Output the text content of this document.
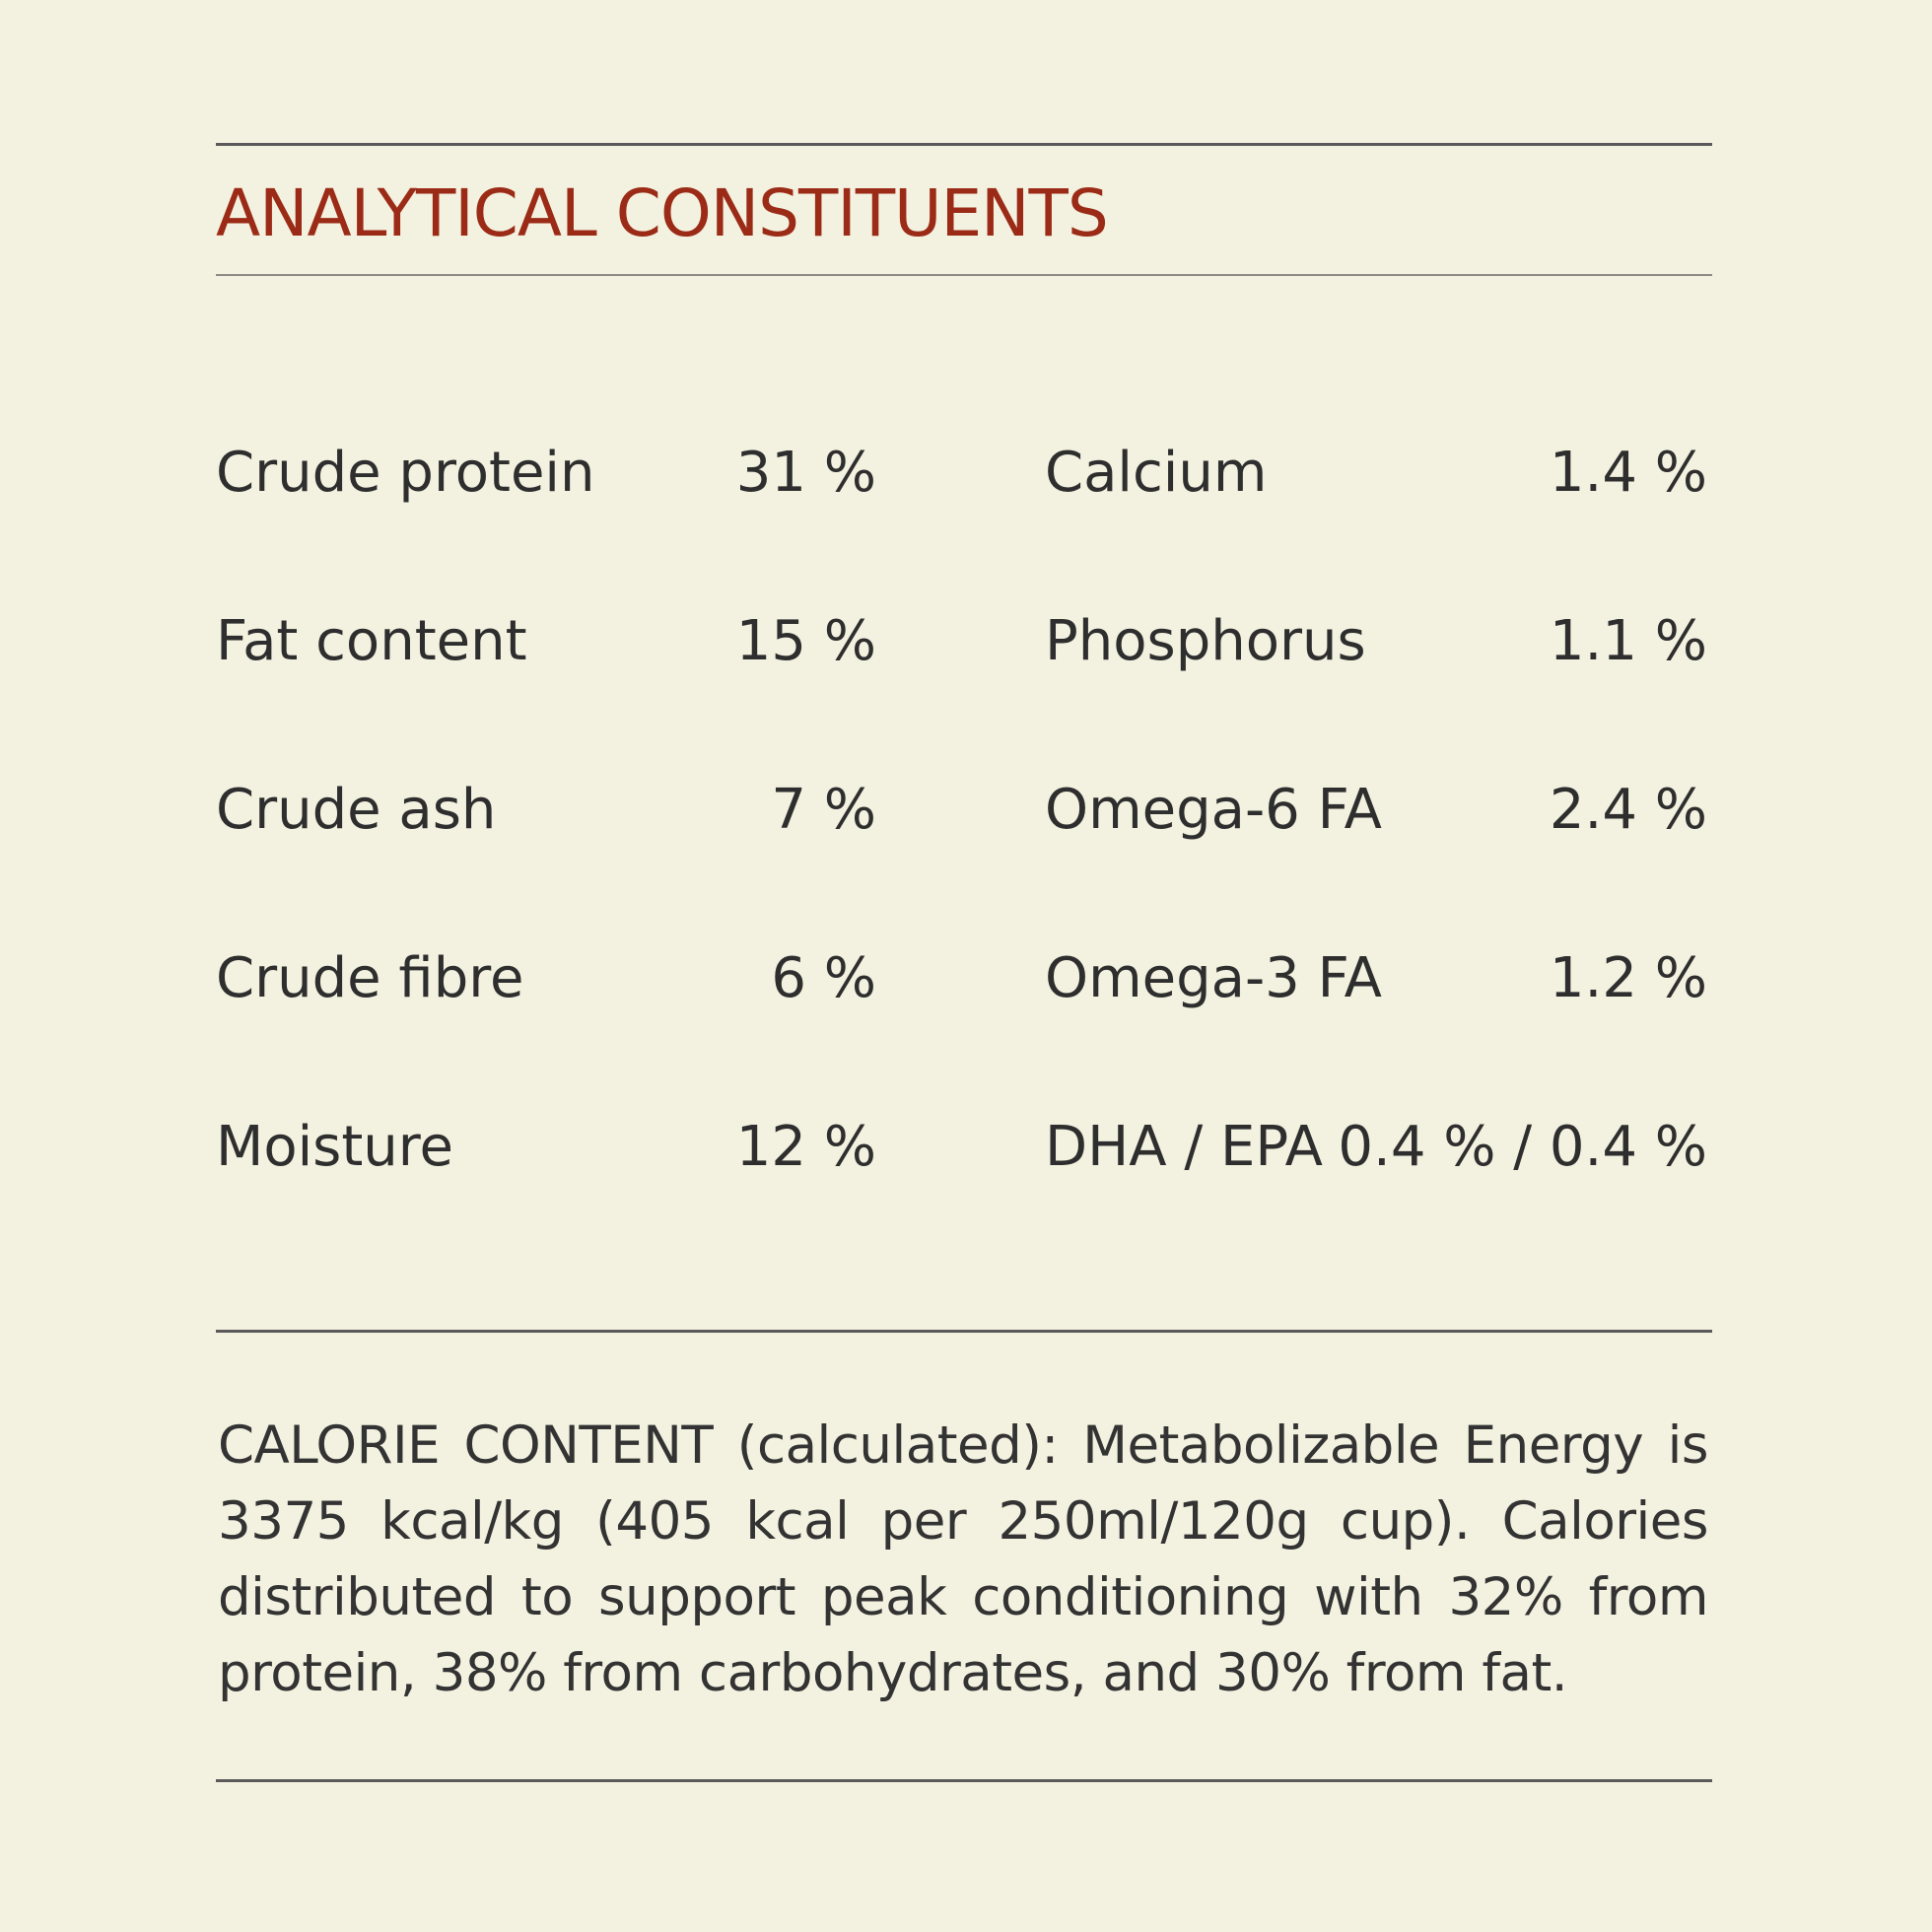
ANALYTICAL CONSTITUENTS
Crude protein	31 %
Fat content	15 %
Crude ash	7 %
Crude fibre	6 %
Moisture	12 %
Calcium	1.4 %
Phosphorus	1.1 %
Omega-6 FA	2.4 %
Omega-3 FA	1.2 %
DHA / EPA 0.4 % / 0.4 %
CALORIE CONTENT (calculated): Metabolizable Energy is 3375 kcal/kg (405 kcal per 250ml/120g cup). Calories distributed to support peak conditioning with 32% from protein, 38% from carbohydrates, and 30% from fat.
